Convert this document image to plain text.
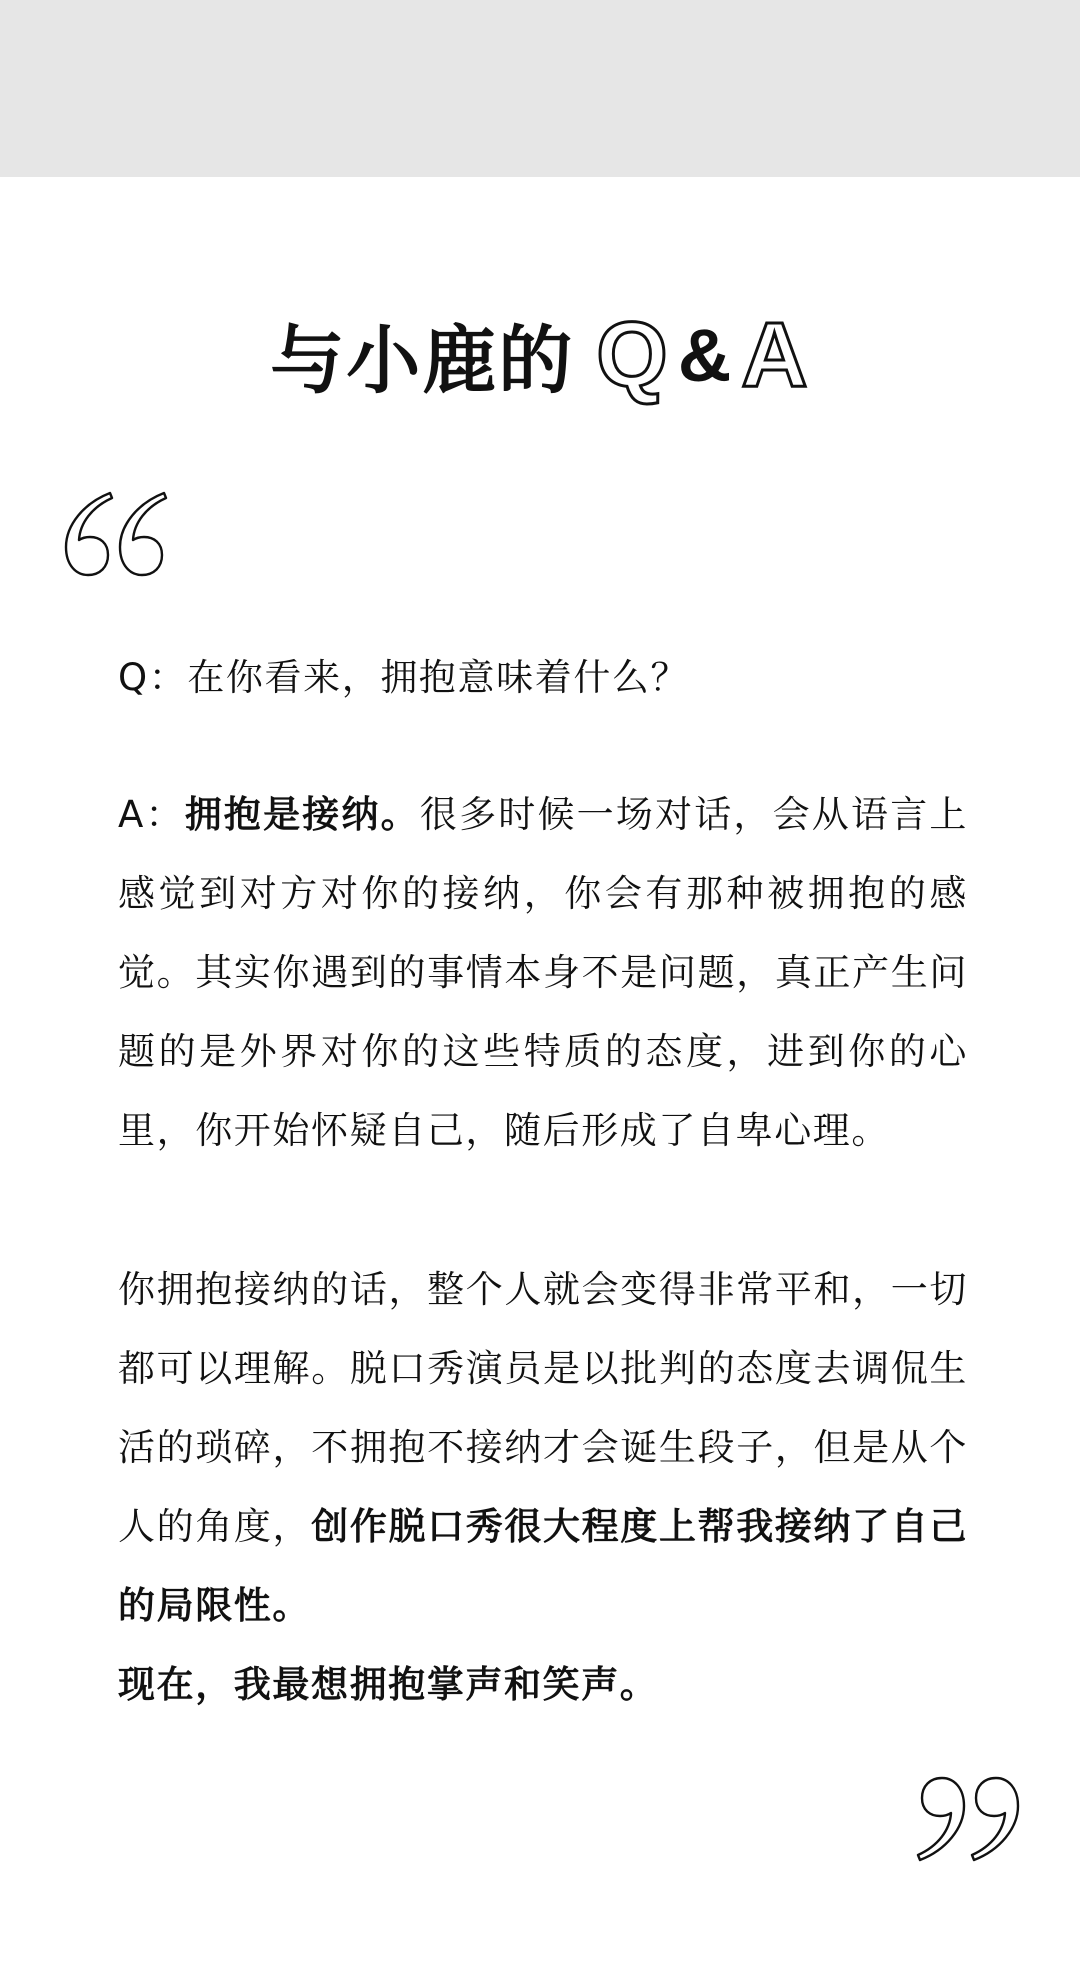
与小鹿的 Q & A

Q：在你看来，拥抱意味着什么？

A：拥抱是接纳。很多时候一场对话，会从语言上感觉到对方对你的接纳，你会有那种被拥抱的感觉。其实你遇到的事情本身不是问题，真正产生问题的是外界对你的这些特质的态度，进到你的心里，你开始怀疑自己，随后形成了自卑心理。

你拥抱接纳的话，整个人就会变得非常平和，一切都可以理解。脱口秀演员是以批判的态度去调侃生活的琐碎，不拥抱不接纳才会诞生段子，但是从个人的角度，创作脱口秀很大程度上帮我接纳了自己的局限性。

现在，我最想拥抱掌声和笑声。
